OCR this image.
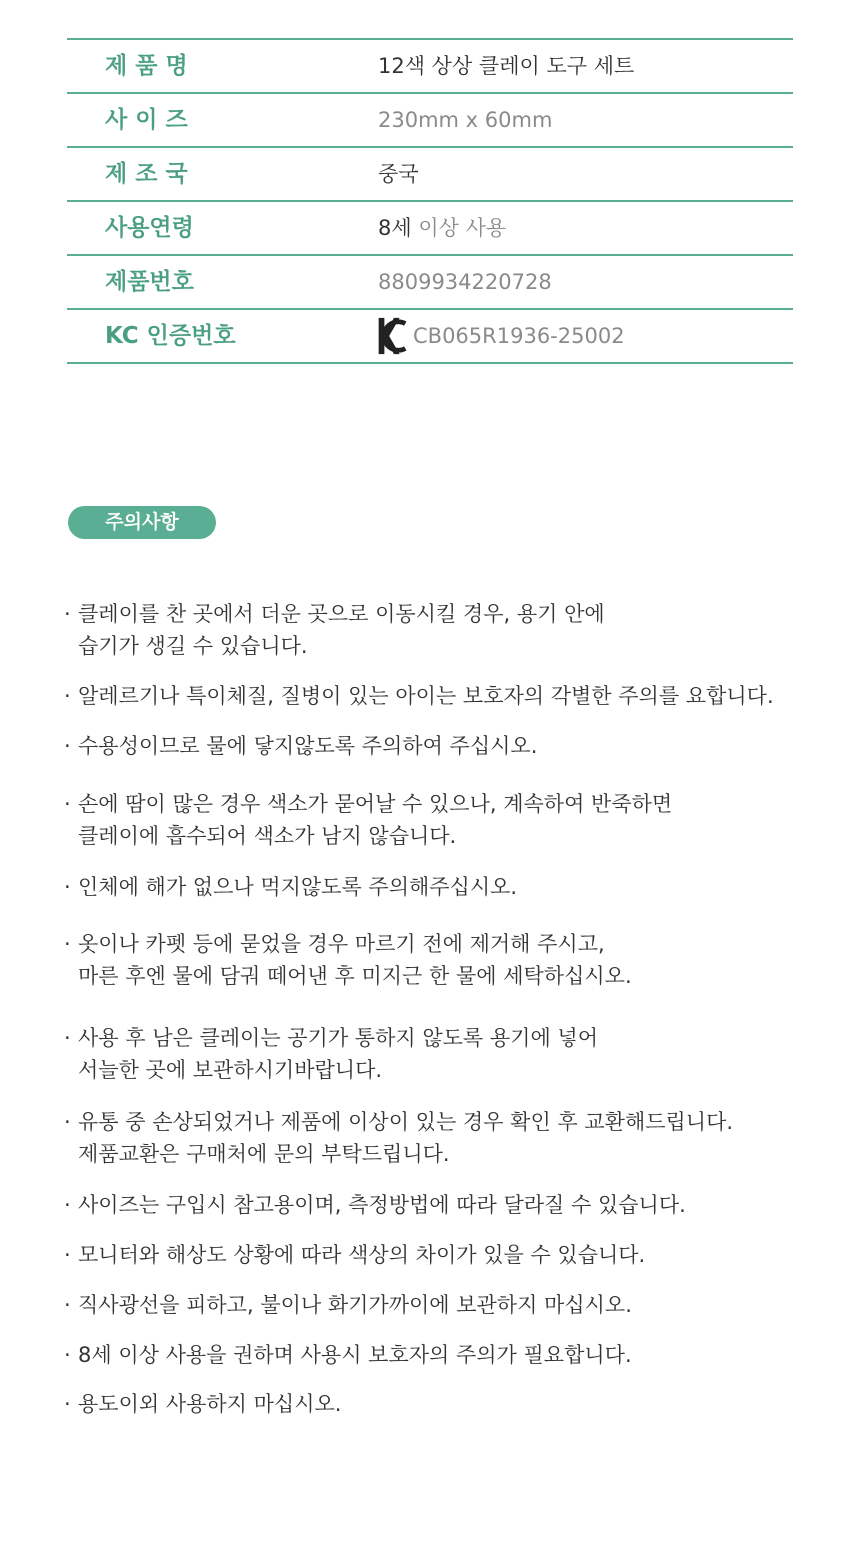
제 품 명	12색 상상 클레이 도구 세트
사 이 즈	230mm x 60mm
제 조 국	중국
사용연령	8세 이상 사용
제품번호	8809934220728
KC 인증번호	CB065R1936-25002
주의사항
· 클레이를 찬 곳에서 더운 곳으로 이동시킬 경우, 용기 안에
습기가 생길 수 있습니다.
· 알레르기나 특이체질, 질병이 있는 아이는 보호자의 각별한 주의를 요합니다.
· 수용성이므로 물에 닿지않도록 주의하여 주십시오.
· 손에 땀이 많은 경우 색소가 묻어날 수 있으나, 계속하여 반죽하면
클레이에 흡수되어 색소가 남지 않습니다.
· 인체에 해가 없으나 먹지않도록 주의해주십시오.
· 옷이나 카펫 등에 묻었을 경우 마르기 전에 제거해 주시고,
마른 후엔 물에 담궈 떼어낸 후 미지근 한 물에 세탁하십시오.
· 사용 후 남은 클레이는 공기가 통하지 않도록 용기에 넣어
서늘한 곳에 보관하시기바랍니다.
· 유통 중 손상되었거나 제품에 이상이 있는 경우 확인 후 교환해드립니다.
제품교환은 구매처에 문의 부탁드립니다.
· 사이즈는 구입시 참고용이며, 측정방법에 따라 달라질 수 있습니다.
· 모니터와 해상도 상황에 따라 색상의 차이가 있을 수 있습니다.
· 직사광선을 피하고, 불이나 화기가까이에 보관하지 마십시오.
· 8세 이상 사용을 권하며 사용시 보호자의 주의가 필요합니다.
· 용도이외 사용하지 마십시오.
